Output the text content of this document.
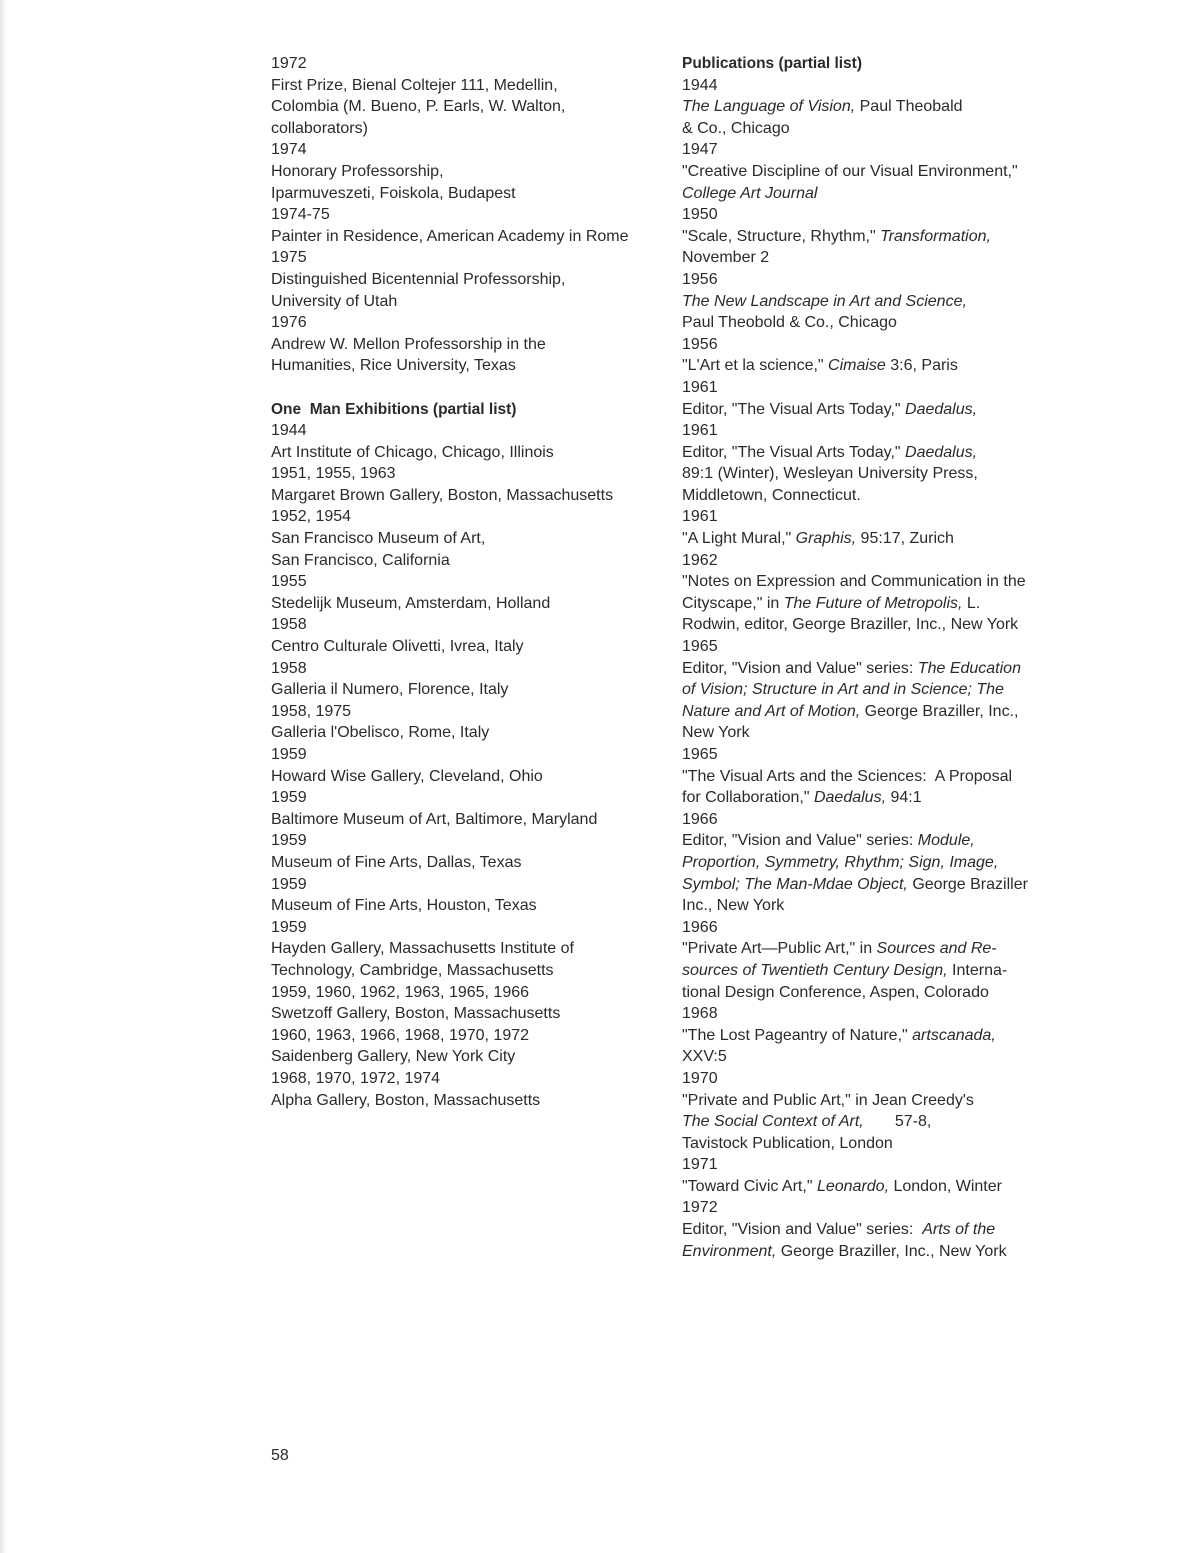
1972
First Prize, Bienal Coltejer 111, Medellin,
Colombia (M. Bueno, P. Earls, W. Walton,
collaborators)
1974
Honorary Professorship,
Iparmuveszeti, Foiskola, Budapest
1974-75
Painter in Residence, American Academy in Rome
1975
Distinguished Bicentennial Professorship,
University of Utah
1976
Andrew W. Mellon Professorship in the
Humanities, Rice University, Texas
One  Man Exhibitions (partial list)
1944
Art Institute of Chicago, Chicago, Illinois
1951, 1955, 1963
Margaret Brown Gallery, Boston, Massachusetts
1952, 1954
San Francisco Museum of Art,
San Francisco, California
1955
Stedelijk Museum, Amsterdam, Holland
1958
Centro Culturale Olivetti, Ivrea, Italy
1958
Galleria il Numero, Florence, Italy
1958, 1975
Galleria l'Obelisco, Rome, Italy
1959
Howard Wise Gallery, Cleveland, Ohio
1959
Baltimore Museum of Art, Baltimore, Maryland
1959
Museum of Fine Arts, Dallas, Texas
1959
Museum of Fine Arts, Houston, Texas
1959
Hayden Gallery, Massachusetts Institute of
Technology, Cambridge, Massachusetts
1959, 1960, 1962, 1963, 1965, 1966
Swetzoff Gallery, Boston, Massachusetts
1960, 1963, 1966, 1968, 1970, 1972
Saidenberg Gallery, New York City
1968, 1970, 1972, 1974
Alpha Gallery, Boston, Massachusetts
Publications (partial list)
1944
The Language of Vision, Paul Theobald
& Co., Chicago
1947
"Creative Discipline of our Visual Environment,"
College Art Journal
1950
"Scale, Structure, Rhythm," Transformation,
November 2
1956
The New Landscape in Art and Science,
Paul Theobold & Co., Chicago
1956
"L'Art et la science," Cimaise 3:6, Paris
1961
Editor, "The Visual Arts Today," Daedalus,
1961
Editor, "The Visual Arts Today," Daedalus,
89:1 (Winter), Wesleyan University Press,
Middletown, Connecticut.
1961
"A Light Mural," Graphis, 95:17, Zurich
1962
"Notes on Expression and Communication in the
Cityscape," in The Future of Metropolis, L.
Rodwin, editor, George Braziller, Inc., New York
1965
Editor, "Vision and Value" series: The Education
of Vision; Structure in Art and in Science; The
Nature and Art of Motion, George Braziller, Inc.,
New York
1965
"The Visual Arts and the Sciences:  A Proposal
for Collaboration," Daedalus, 94:1
1966
Editor, "Vision and Value" series: Module,
Proportion, Symmetry, Rhythm; Sign, Image,
Symbol; The Man-Mdae Object, George Braziller
Inc., New York
1966
"Private Art—Public Art," in Sources and Re-
sources of Twentieth Century Design, Interna-
tional Design Conference, Aspen, Colorado
1968
"The Lost Pageantry of Nature," artscanada,
XXV:5
1970
"Private and Public Art," in Jean Creedy's
The Social Context of Art,       57-8,
Tavistock Publication, London
1971
"Toward Civic Art," Leonardo, London, Winter
1972
Editor, "Vision and Value" series:  Arts of the
Environment, George Braziller, Inc., New York
58
